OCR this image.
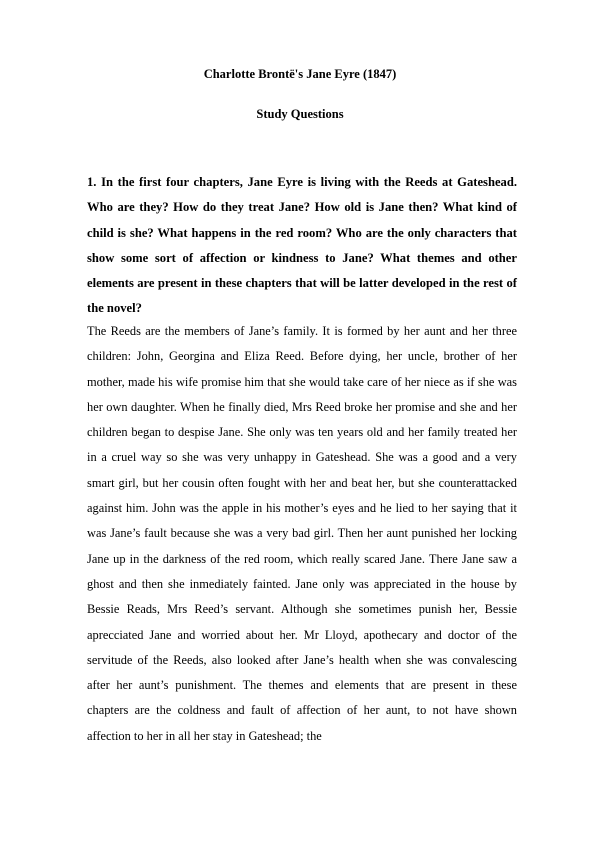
Charlotte Brontë's Jane Eyre (1847)
Study Questions

1. In the first four chapters, Jane Eyre is living with the Reeds at Gateshead. Who are they? How do they treat Jane? How old is Jane then? What kind of child is she? What happens in the red room? Who are the only characters that show some sort of affection or kindness to Jane? What themes and other elements are present in these chapters that will be latter developed in the rest of the novel?

The Reeds are the members of Jane’s family. It is formed by her aunt and her three children: John, Georgina and Eliza Reed. Before dying, her uncle, brother of her mother, made his wife promise him that she would take care of her niece as if she was her own daughter. When he finally died, Mrs Reed broke her promise and she and her children began to despise Jane. She only was ten years old and her family treated her in a cruel way so she was very unhappy in Gateshead. She was a good and a very smart girl, but her cousin often fought with her and beat her, but she counterattacked against him. John was the apple in his mother’s eyes and he lied to her saying that it was Jane’s fault because she was a very bad girl. Then her aunt punished her locking Jane up in the darkness of the red room, which really scared Jane. There Jane saw a ghost and then she inmediately fainted. Jane only was appreciated in the house by Bessie Reads, Mrs Reed’s servant. Although she sometimes punish her, Bessie aprecciated Jane and worried about her. Mr Lloyd, apothecary and doctor of the servitude of the Reeds, also looked after Jane’s health when she was convalescing after her aunt’s punishment. The themes and elements that are present in these chapters are the coldness and fault of affection of her aunt, to not have shown affection to her in all her stay in Gateshead; the
